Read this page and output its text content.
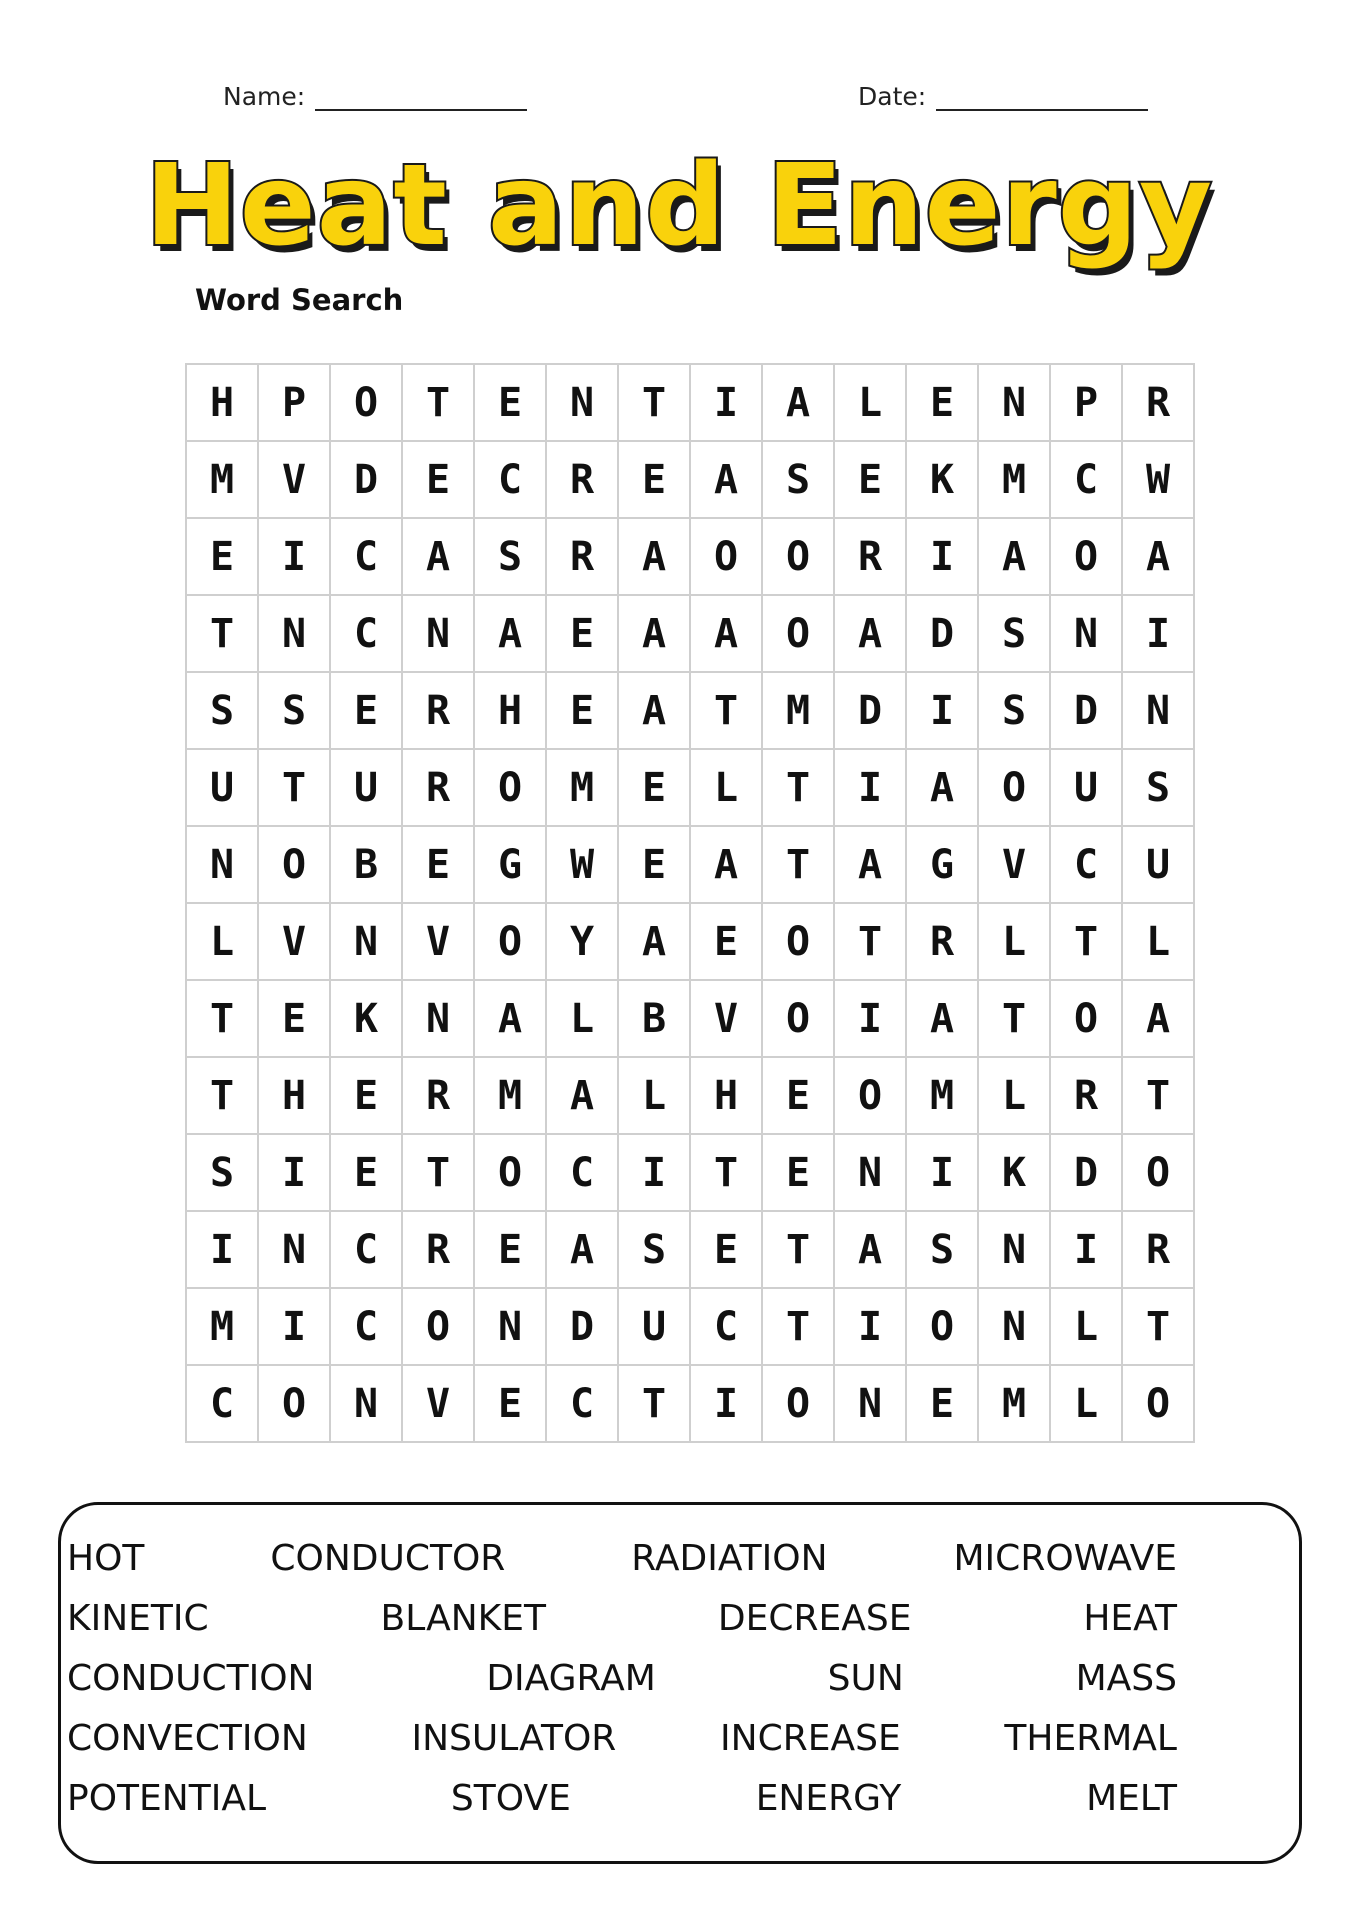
Name:	Date:
Heat and Energy
Word Search
H	P	O	T	E	N	T	I	A	L	E	N	P	R
M	V	D	E	C	R	E	A	S	E	K	M	C	W
E	I	C	A	S	R	A	O	O	R	I	A	O	A
T	N	C	N	A	E	A	A	O	A	D	S	N	I
S	S	E	R	H	E	A	T	M	D	I	S	D	N
U	T	U	R	O	M	E	L	T	I	A	O	U	S
N	O	B	E	G	W	E	A	T	A	G	V	C	U
L	V	N	V	O	Y	A	E	O	T	R	L	T	L
T	E	K	N	A	L	B	V	O	I	A	T	O	A
T	H	E	R	M	A	L	H	E	O	M	L	R	T
S	I	E	T	O	C	I	T	E	N	I	K	D	O
I	N	C	R	E	A	S	E	T	A	S	N	I	R
M	I	C	O	N	D	U	C	T	I	O	N	L	T
C	O	N	V	E	C	T	I	O	N	E	M	L	O
HOT	CONDUCTOR	RADIATION	MICROWAVE
KINETIC	BLANKET	DECREASE	HEAT
CONDUCTION	DIAGRAM	SUN	MASS
CONVECTION	INSULATOR	INCREASE	THERMAL
POTENTIAL	STOVE	ENERGY	MELT
